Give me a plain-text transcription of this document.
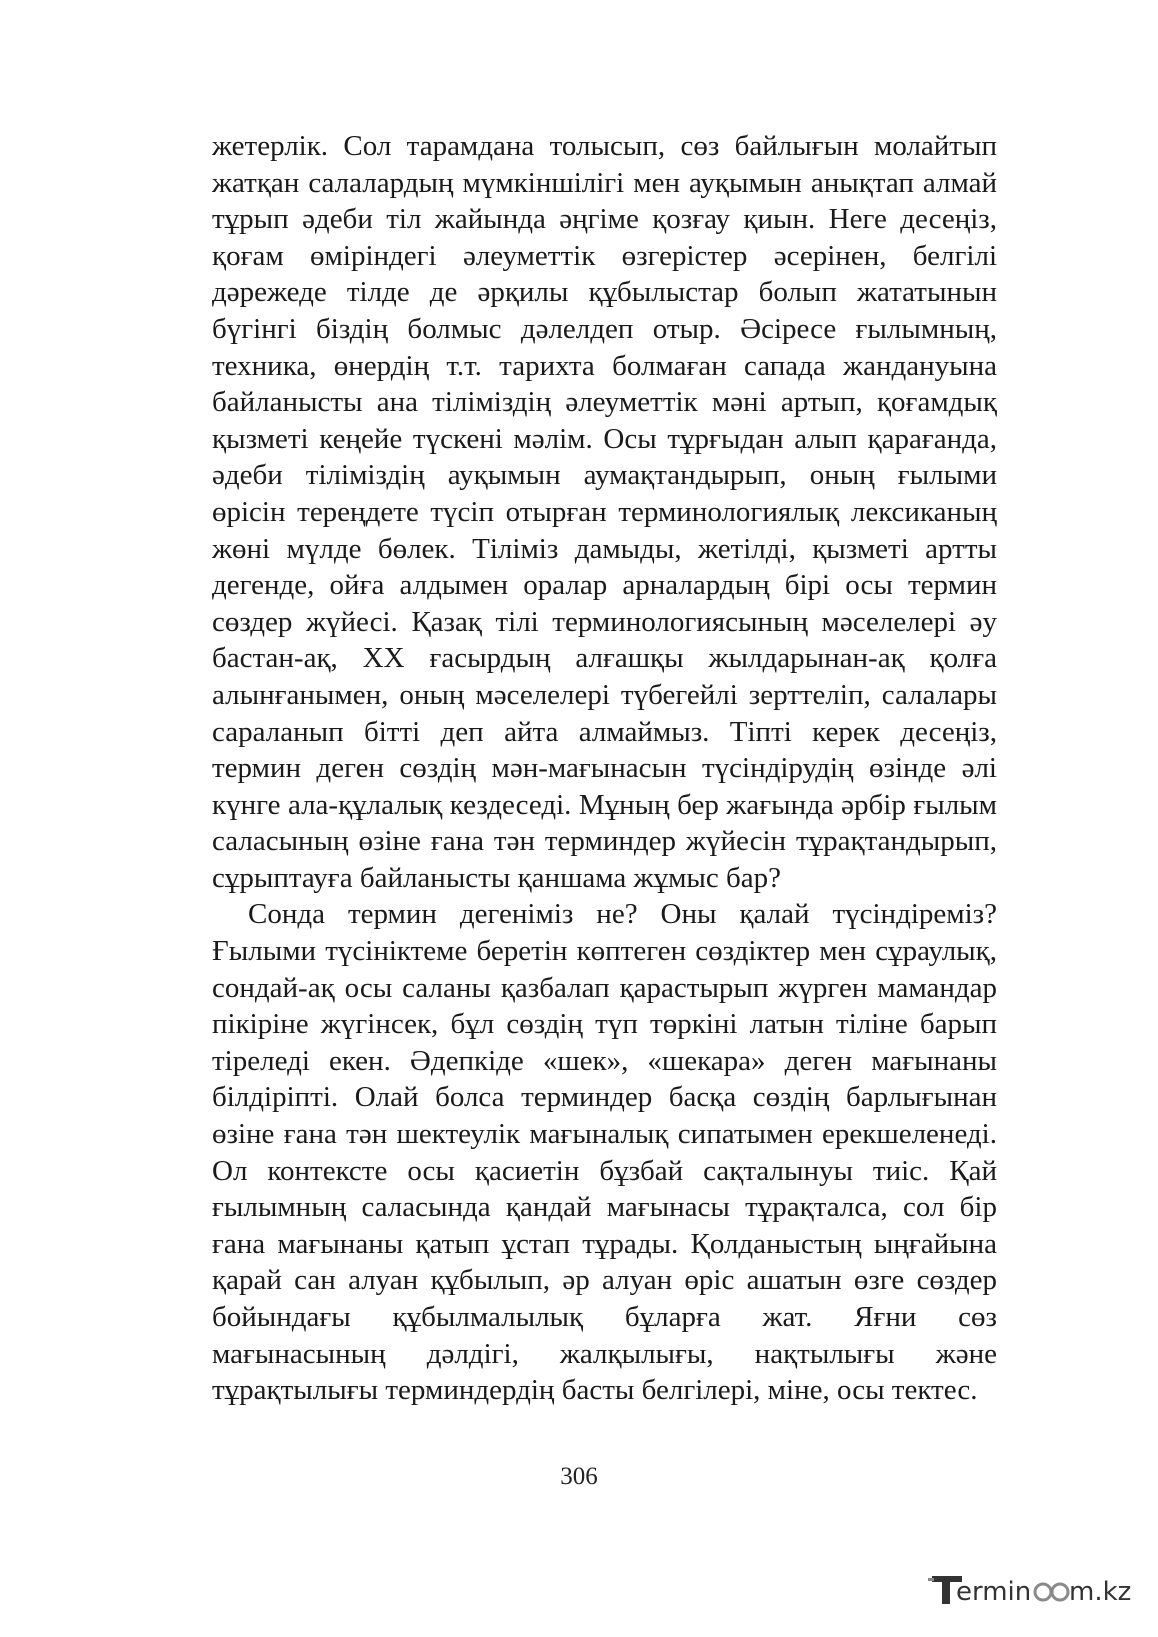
жетерлік. Сол тарамдана толысып, сөз байлығын молайтып жатқан салалардың мүмкіншілігі мен ауқымын анықтап алмай тұрып әдеби тіл жайында әңгіме қозғау қиын. Неге десеңіз, қоғам өміріндегі әлеуметтік өзгерістер әсерінен, белгілі дәрежеде тілде де әрқилы құбылыстар болып жататынын бүгінгі біздің болмыс дәлелдеп отыр. Әсіресе ғылымның, техника, өнердің т.т. тарихта болмаған сапада жандануына байланысты ана тіліміздің әлеуметтік мәні артып, қоғамдық қызметі кеңейе түскені мәлім. Осы тұрғыдан алып қарағанда, әдеби тіліміздің ауқымын аумақтандырып, оның ғылыми өрісін тереңдете түсіп отырған терминологиялық лексиканың жөні мүлде бөлек. Тіліміз дамыды, жетілді, қызметі артты дегенде, ойға алдымен оралар арналардың бірі осы термин сөздер жүйесі. Қазақ тілі терминологиясының мәселелері әу бастан-ақ, ХХ ғасырдың алғашқы жылдарынан-ақ қолға алынғанымен, оның мәселелері түбегейлі зерттеліп, салалары сараланып бітті деп айта алмаймыз. Тіпті керек десеңіз, термин деген сөздің мән-мағынасын түсіндірудің өзінде әлі күнге ала-құлалық кездеседі. Мұның бер жағында әрбір ғылым саласының өзіне ғана тән терминдер жүйесін тұрақтандырып, сұрыптауға байланысты қаншама жұмыс бар?

Сонда термин дегеніміз не? Оны қалай түсіндіреміз? Ғылыми түсініктеме беретін көптеген сөздіктер мен сұраулық, сондай-ақ осы саланы қазбалап қарастырып жүрген мамандар пікіріне жүгінсек, бұл сөздің түп төркіні латын тіліне барып тіреледі екен. Әдепкіде «шек», «шекара» деген мағынаны білдіріпті. Олай болса терминдер басқа сөздің барлығынан өзіне ғана тән шектеулік мағыналық сипатымен ерекшеленеді. Ол контексте осы қасиетін бұзбай сақталынуы тиіс. Қай ғылымның саласында қандай мағынасы тұрақталса, сол бір ғана мағынаны қатып ұстап тұрады. Қолданыстың ыңғайына қарай сан алуан құбылып, әр алуан өріс ашатын өзге сөздер бойындағы құбылмалылық бұларға жат. Яғни сөз мағынасының дәлдігі, жалқылығы, нақтылығы және тұрақтылығы терминдердің басты белгілері, міне, осы тектес.

306
ermin m.kz
